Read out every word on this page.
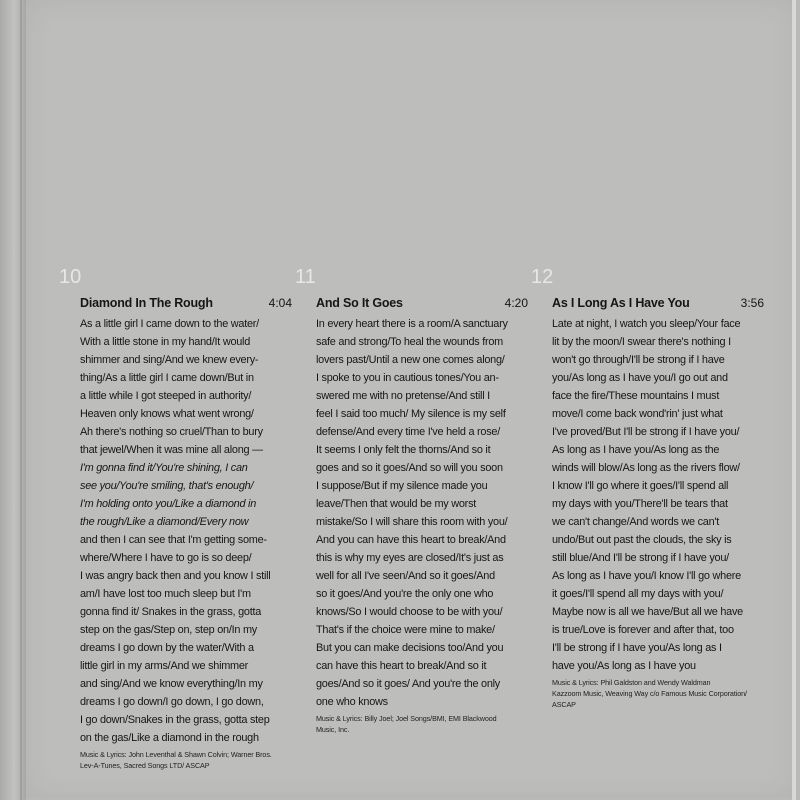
10
Diamond In The Rough	4:04
As a little girl I came down to the water/
With a little stone in my hand/It would
shimmer and sing/And we knew every-
thing/As a little girl I came down/But in
a little while I got steeped in authority/
Heaven only knows what went wrong/
Ah there's nothing so cruel/Than to bury
that jewel/When it was mine all along —
I'm gonna find it/You're shining, I can
see you/You're smiling, that's enough/
I'm holding onto you/Like a diamond in
the rough/Like a diamond/Every now
and then I can see that I'm getting some-
where/Where I have to go is so deep/
I was angry back then and you know I still
am/I have lost too much sleep but I'm
gonna find it/ Snakes in the grass, gotta
step on the gas/Step on, step on/In my
dreams I go down by the water/With a
little girl in my arms/And we shimmer
and sing/And we know everything/In my
dreams I go down/I go down, I go down,
I go down/Snakes in the grass, gotta step
on the gas/Like a diamond in the rough
Music & Lyrics: John Leventhal & Shawn Colvin; Warner Bros.
Lev-A-Tunes, Sacred Songs LTD/ ASCAP
11
And So It Goes	4:20
In every heart there is a room/A sanctuary
safe and strong/To heal the wounds from
lovers past/Until a new one comes along/
I spoke to you in cautious tones/You an-
swered me with no pretense/And still I
feel I said too much/ My silence is my self
defense/And every time I've held a rose/
It seems I only felt the thorns/And so it
goes and so it goes/And so will you soon
I suppose/But if my silence made you
leave/Then that would be my worst
mistake/So I will share this room with you/
And you can have this heart to break/And
this is why my eyes are closed/It's just as
well for all I've seen/And so it goes/And
so it goes/And you're the only one who
knows/So I would choose to be with you/
That's if the choice were mine to make/
But you can make decisions too/And you
can have this heart to break/And so it
goes/And so it goes/ And you're the only
one who knows
Music & Lyrics: Billy Joel; Joel Songs/BMI, EMI Blackwood
Music, Inc.
12
As I Long As I Have You	3:56
Late at night, I watch you sleep/Your face
lit by the moon/I swear there's nothing I
won't go through/I'll be strong if I have
you/As long as I have you/I go out and
face the fire/These mountains I must
move/I come back wond'rin' just what
I've proved/But I'll be strong if I have you/
As long as I have you/As long as the
winds will blow/As long as the rivers flow/
I know I'll go where it goes/I'll spend all
my days with you/There'll be tears that
we can't change/And words we can't
undo/But out past the clouds, the sky is
still blue/And I'll be strong if I have you/
As long as I have you/I know I'll go where
it goes/I'll spend all my days with you/
Maybe now is all we have/But all we have
is true/Love is forever and after that, too
I'll be strong if I have you/As long as I
have you/As long as I have you
Music & Lyrics: Phil Galdston and Wendy Waldman
Kazzoom Music, Weaving Way c/o Famous Music Corporation/
ASCAP
